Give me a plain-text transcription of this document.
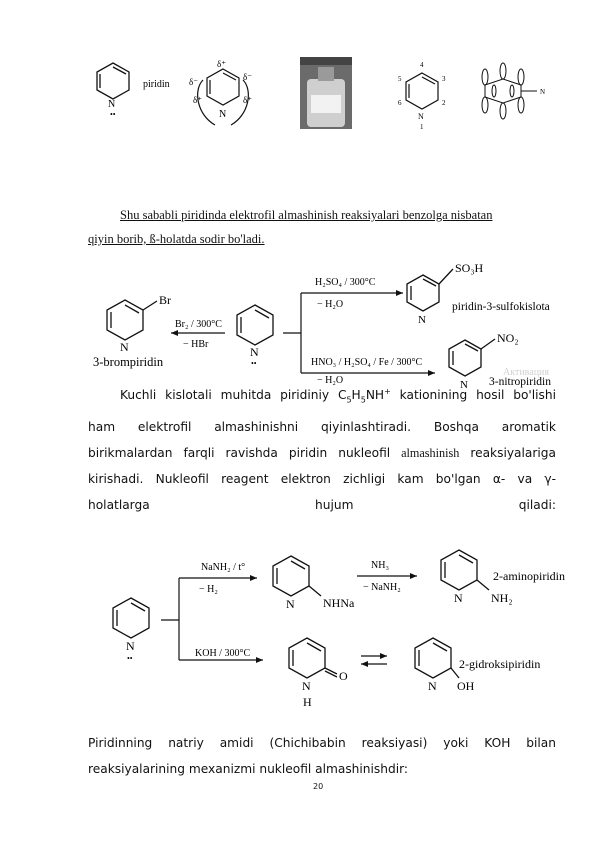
N
••
piridin
δ⁺
δ⁻	δ⁻
δ⁺	δ⁺
N
4
5	3
6	2
N
1
N
Shu sababli piridinda elektrofil almashinish reaksiyalari benzolga nisbatan
qiyin borib, ß-holatda sodir bo'ladi.
Br
N
3-brompiridin
Br₂ / 300°C
− HBr
N
••
H₂SO₄ / 300°C
− H₂O
HNO₃ / H₂SO₄ / Fe / 300°C
− H₂O
SO₃H
N
piridin-3-sulfokislota
NO₂
N 3-nitropiridin
Активация
Kuchli kislotali muhitda piridiniy $C_5H_5NH^+$ kationining hosil bo'lishi
ham elektrofil almashinishni qiyinlashtiradi. Boshqa aromatik
birikmalardan farqli ravishda piridin nukleofil almashinish reaksiyalariga
kirishadi. Nukleofil reagent elektron zichligi kam bo'lgan α- va γ-
holatlarga hujum qiladi:
N
••
NaNH₂ / t°
− H₂
KOH / 300°C
N NHNa
NH₃
− NaNH₂
N NH₂
2-aminopiridin
N
H
O
N OH
2-gidroksipiridin
Piridinning natriy amidi (Chichibabin reaksiyasi) yoki KOH bilan
reaksiyalarining mexanizmi nukleofil almashinishdir:
20
